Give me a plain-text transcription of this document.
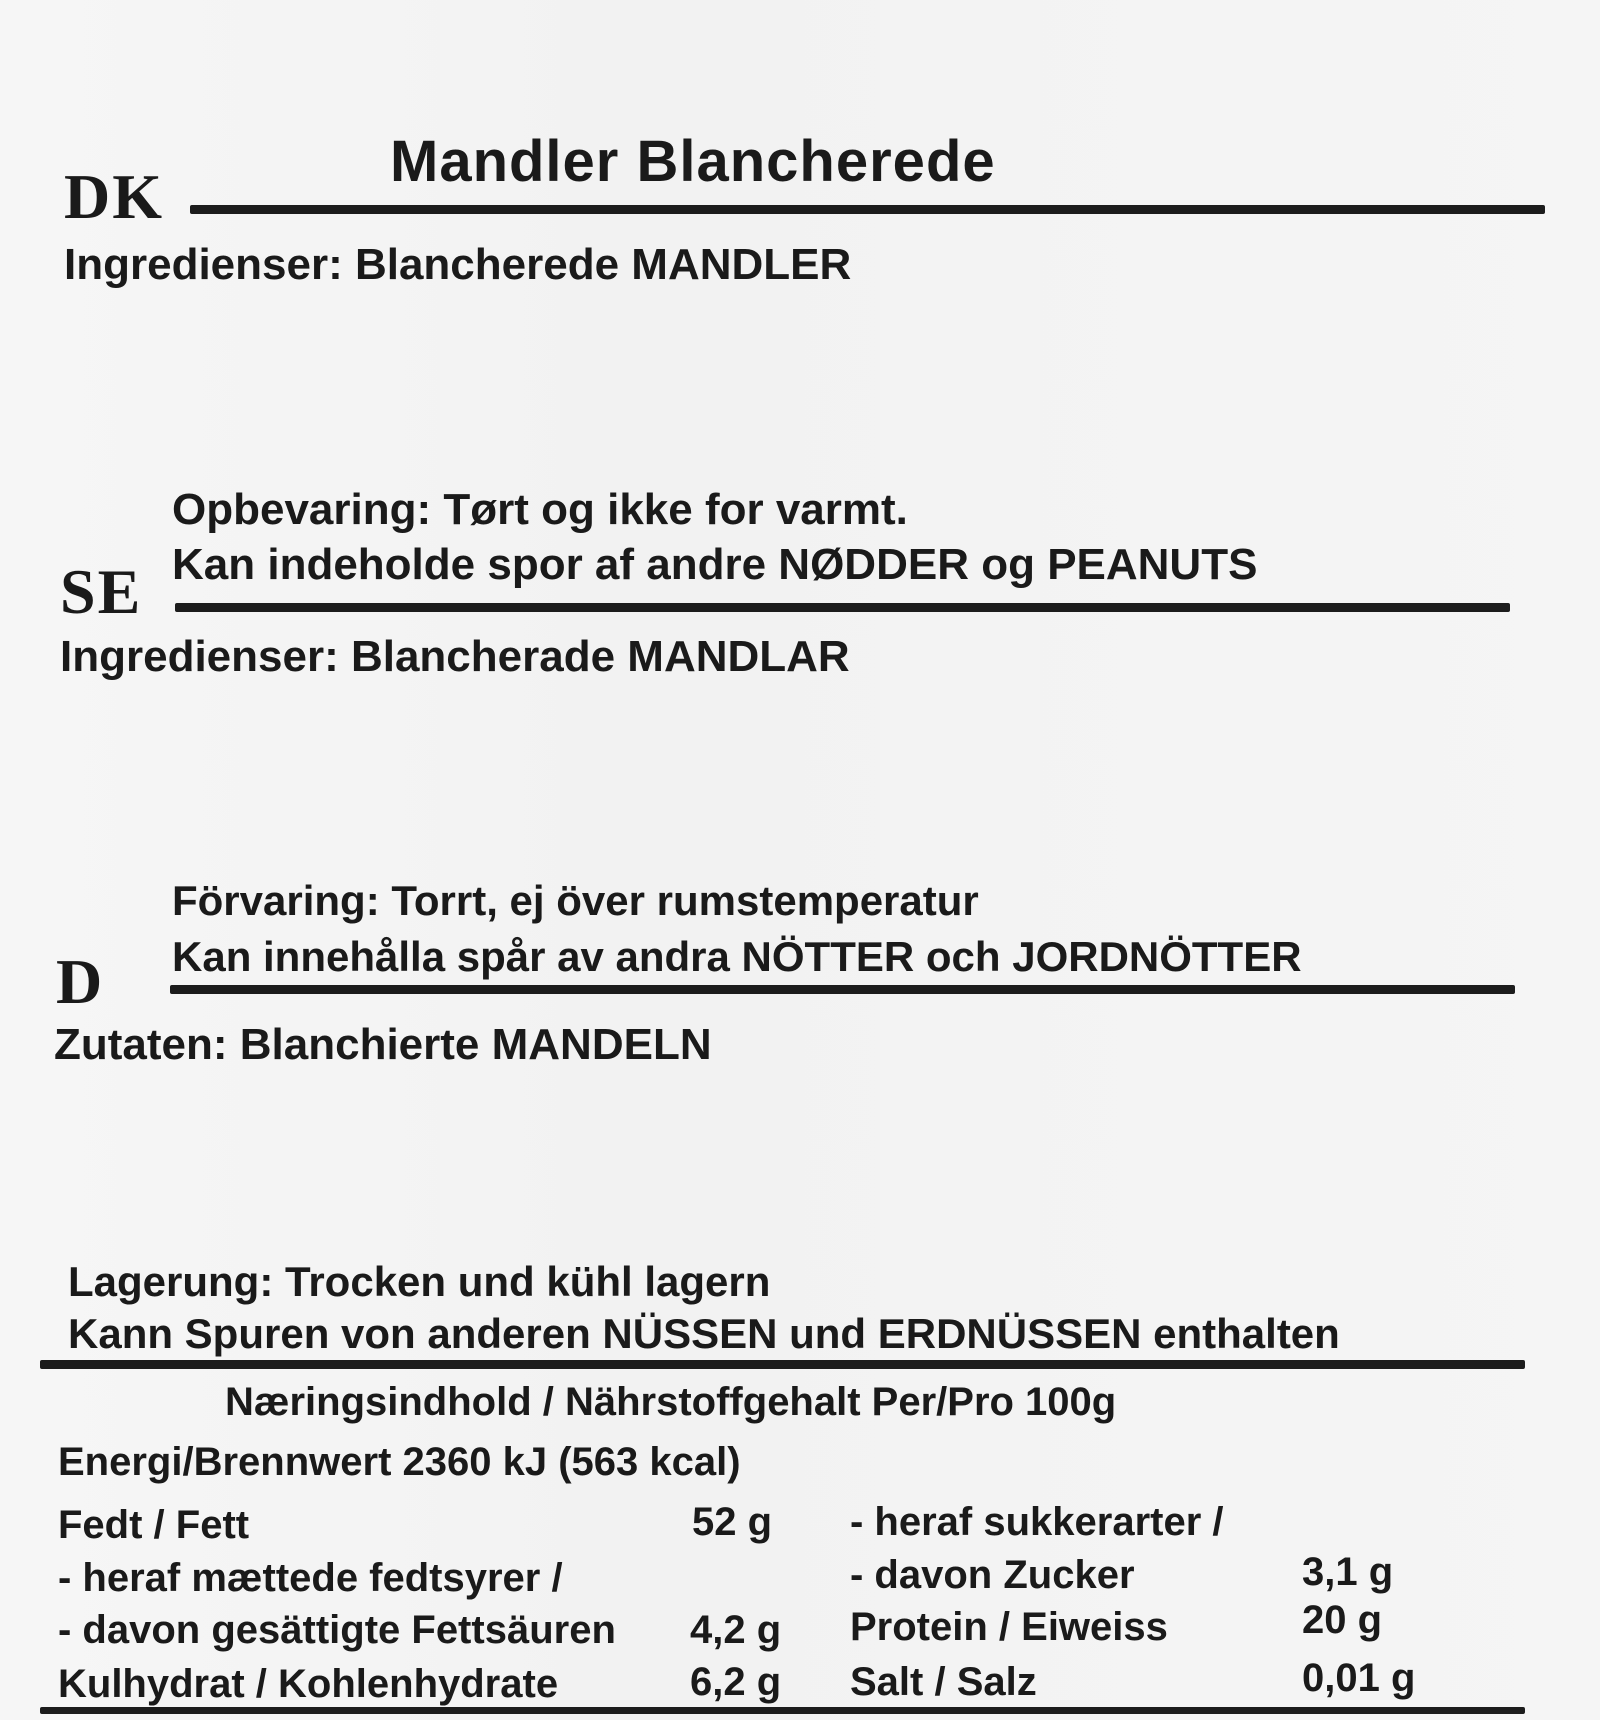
Mandler Blancherede
DK
Ingredienser: Blancherede MANDLER
Opbevaring: Tørt og ikke for varmt.
Kan indeholde spor af andre NØDDER og PEANUTS
SE
Ingredienser: Blancherade MANDLAR
Förvaring: Torrt, ej över rumstemperatur
Kan innehålla spår av andra NÖTTER och JORDNÖTTER
D
Zutaten: Blanchierte MANDELN
Lagerung: Trocken und kühl lagern
Kann Spuren von anderen NÜSSEN und ERDNÜSSEN enthalten
Næringsindhold / Nährstoffgehalt Per/Pro 100g
Energi/Brennwert 2360 kJ (563 kcal)
Fedt / Fett	52 g
- heraf mættede fedtsyrer /
- davon gesättigte Fettsäuren 4,2 g
Kulhydrat / Kohlenhydrate	6,2 g
- heraf sukkerarter /
- davon Zucker	3,1 g
Protein / Eiweiss	20 g
Salt / Salz	0,01 g
